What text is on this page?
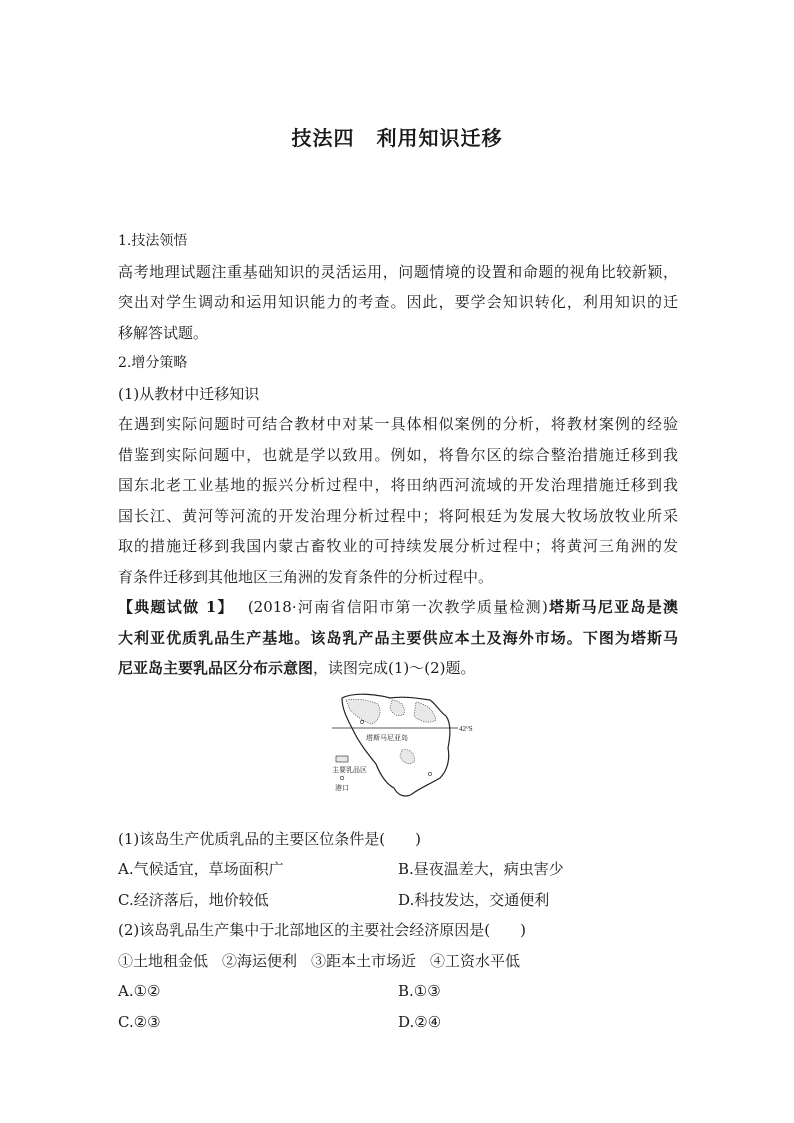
技法四 利用知识迁移
1.技法领悟
高考地理试题注重基础知识的灵活运用，问题情境的设置和命题的视角比较新颖，
突出对学生调动和运用知识能力的考查。因此，要学会知识转化，利用知识的迁
移解答试题。
2.增分策略
(1)从教材中迁移知识
在遇到实际问题时可结合教材中对某一具体相似案例的分析，将教材案例的经验
借鉴到实际问题中，也就是学以致用。例如，将鲁尔区的综合整治措施迁移到我
国东北老工业基地的振兴分析过程中，将田纳西河流域的开发治理措施迁移到我
国长江、黄河等河流的开发治理分析过程中；将阿根廷为发展大牧场放牧业所采
取的措施迁移到我国内蒙古畜牧业的可持续发展分析过程中；将黄河三角洲的发
育条件迁移到其他地区三角洲的发育条件的分析过程中。
【典题试做 1】 (2018·河南省信阳市第一次教学质量检测)塔斯马尼亚岛是澳
大利亚优质乳品生产基地。该岛乳产品主要供应本土及海外市场。下图为塔斯马
尼亚岛主要乳品区分布示意图，读图完成(1)～(2)题。
42°S
塔斯马尼亚岛
主要乳品区
港口
(1)该岛生产优质乳品的主要区位条件是(　　)
A.气候适宜，草场面积广	B.昼夜温差大，病虫害少
C.经济落后，地价较低	D.科技发达，交通便利
(2)该岛乳品生产集中于北部地区的主要社会经济原因是(　　)
①土地租金低 ②海运便利 ③距本土市场近 ④工资水平低
A.①②	B.①③
C.②③	D.②④
